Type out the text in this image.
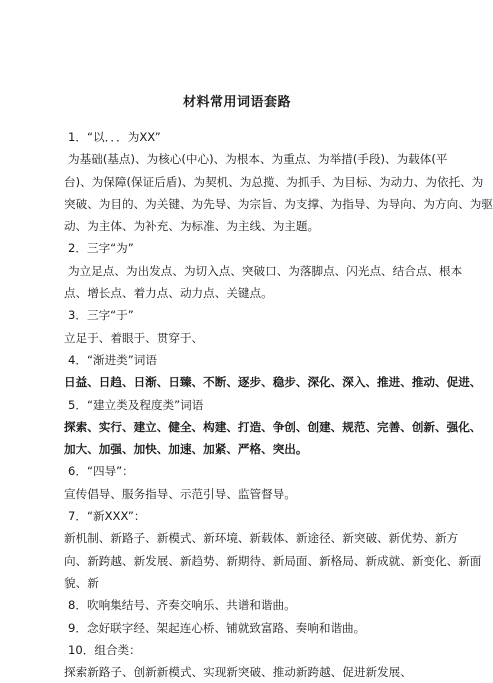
材料常用词语套路
1．“以．．．为XX”
为基础(基点)、为核心(中心)、为根本、为重点、为举措(手段)、为载体(平
台)、为保障(保证后盾)、为契机、为总揽、为抓手、为目标、为动力、为依托、为
突破、为目的、为关键、为先导、为宗旨、为支撑、为指导、为导向、为方向、为驱
动、为主体、为补充、为标准、为主线、为主题。
2．三字“为”
为立足点、为出发点、为切入点、突破口、为落脚点、闪光点、结合点、根本
点、增长点、着力点、动力点、关键点。
3．三字“于”
立足于、着眼于、贯穿于、
4．“渐进类”词语
日益、日趋、日渐、日臻、不断、逐步、稳步、深化、深入、推进、推动、促进、
5．“建立类及程度类”词语
探索、实行、建立、健全、构建、打造、争创、创建、规范、完善、创新、强化、
加大、加强、加快、加速、加紧、严格、突出。
6．“四导”：
宣传倡导、服务指导、示范引导、监管督导。
7．“新XXX”：
新机制、新路子、新模式、新环境、新载体、新途径、新突破、新优势、新方
向、新跨越、新发展、新趋势、新期待、新局面、新格局、新成就、新变化、新面
貌、新
8．吹响集结号、齐奏交响乐、共谱和谐曲。
9．念好联字经、架起连心桥、铺就致富路、奏响和谐曲。
10．组合类：
探索新路子、创新新模式、实现新突破、推动新跨越、促进新发展、
